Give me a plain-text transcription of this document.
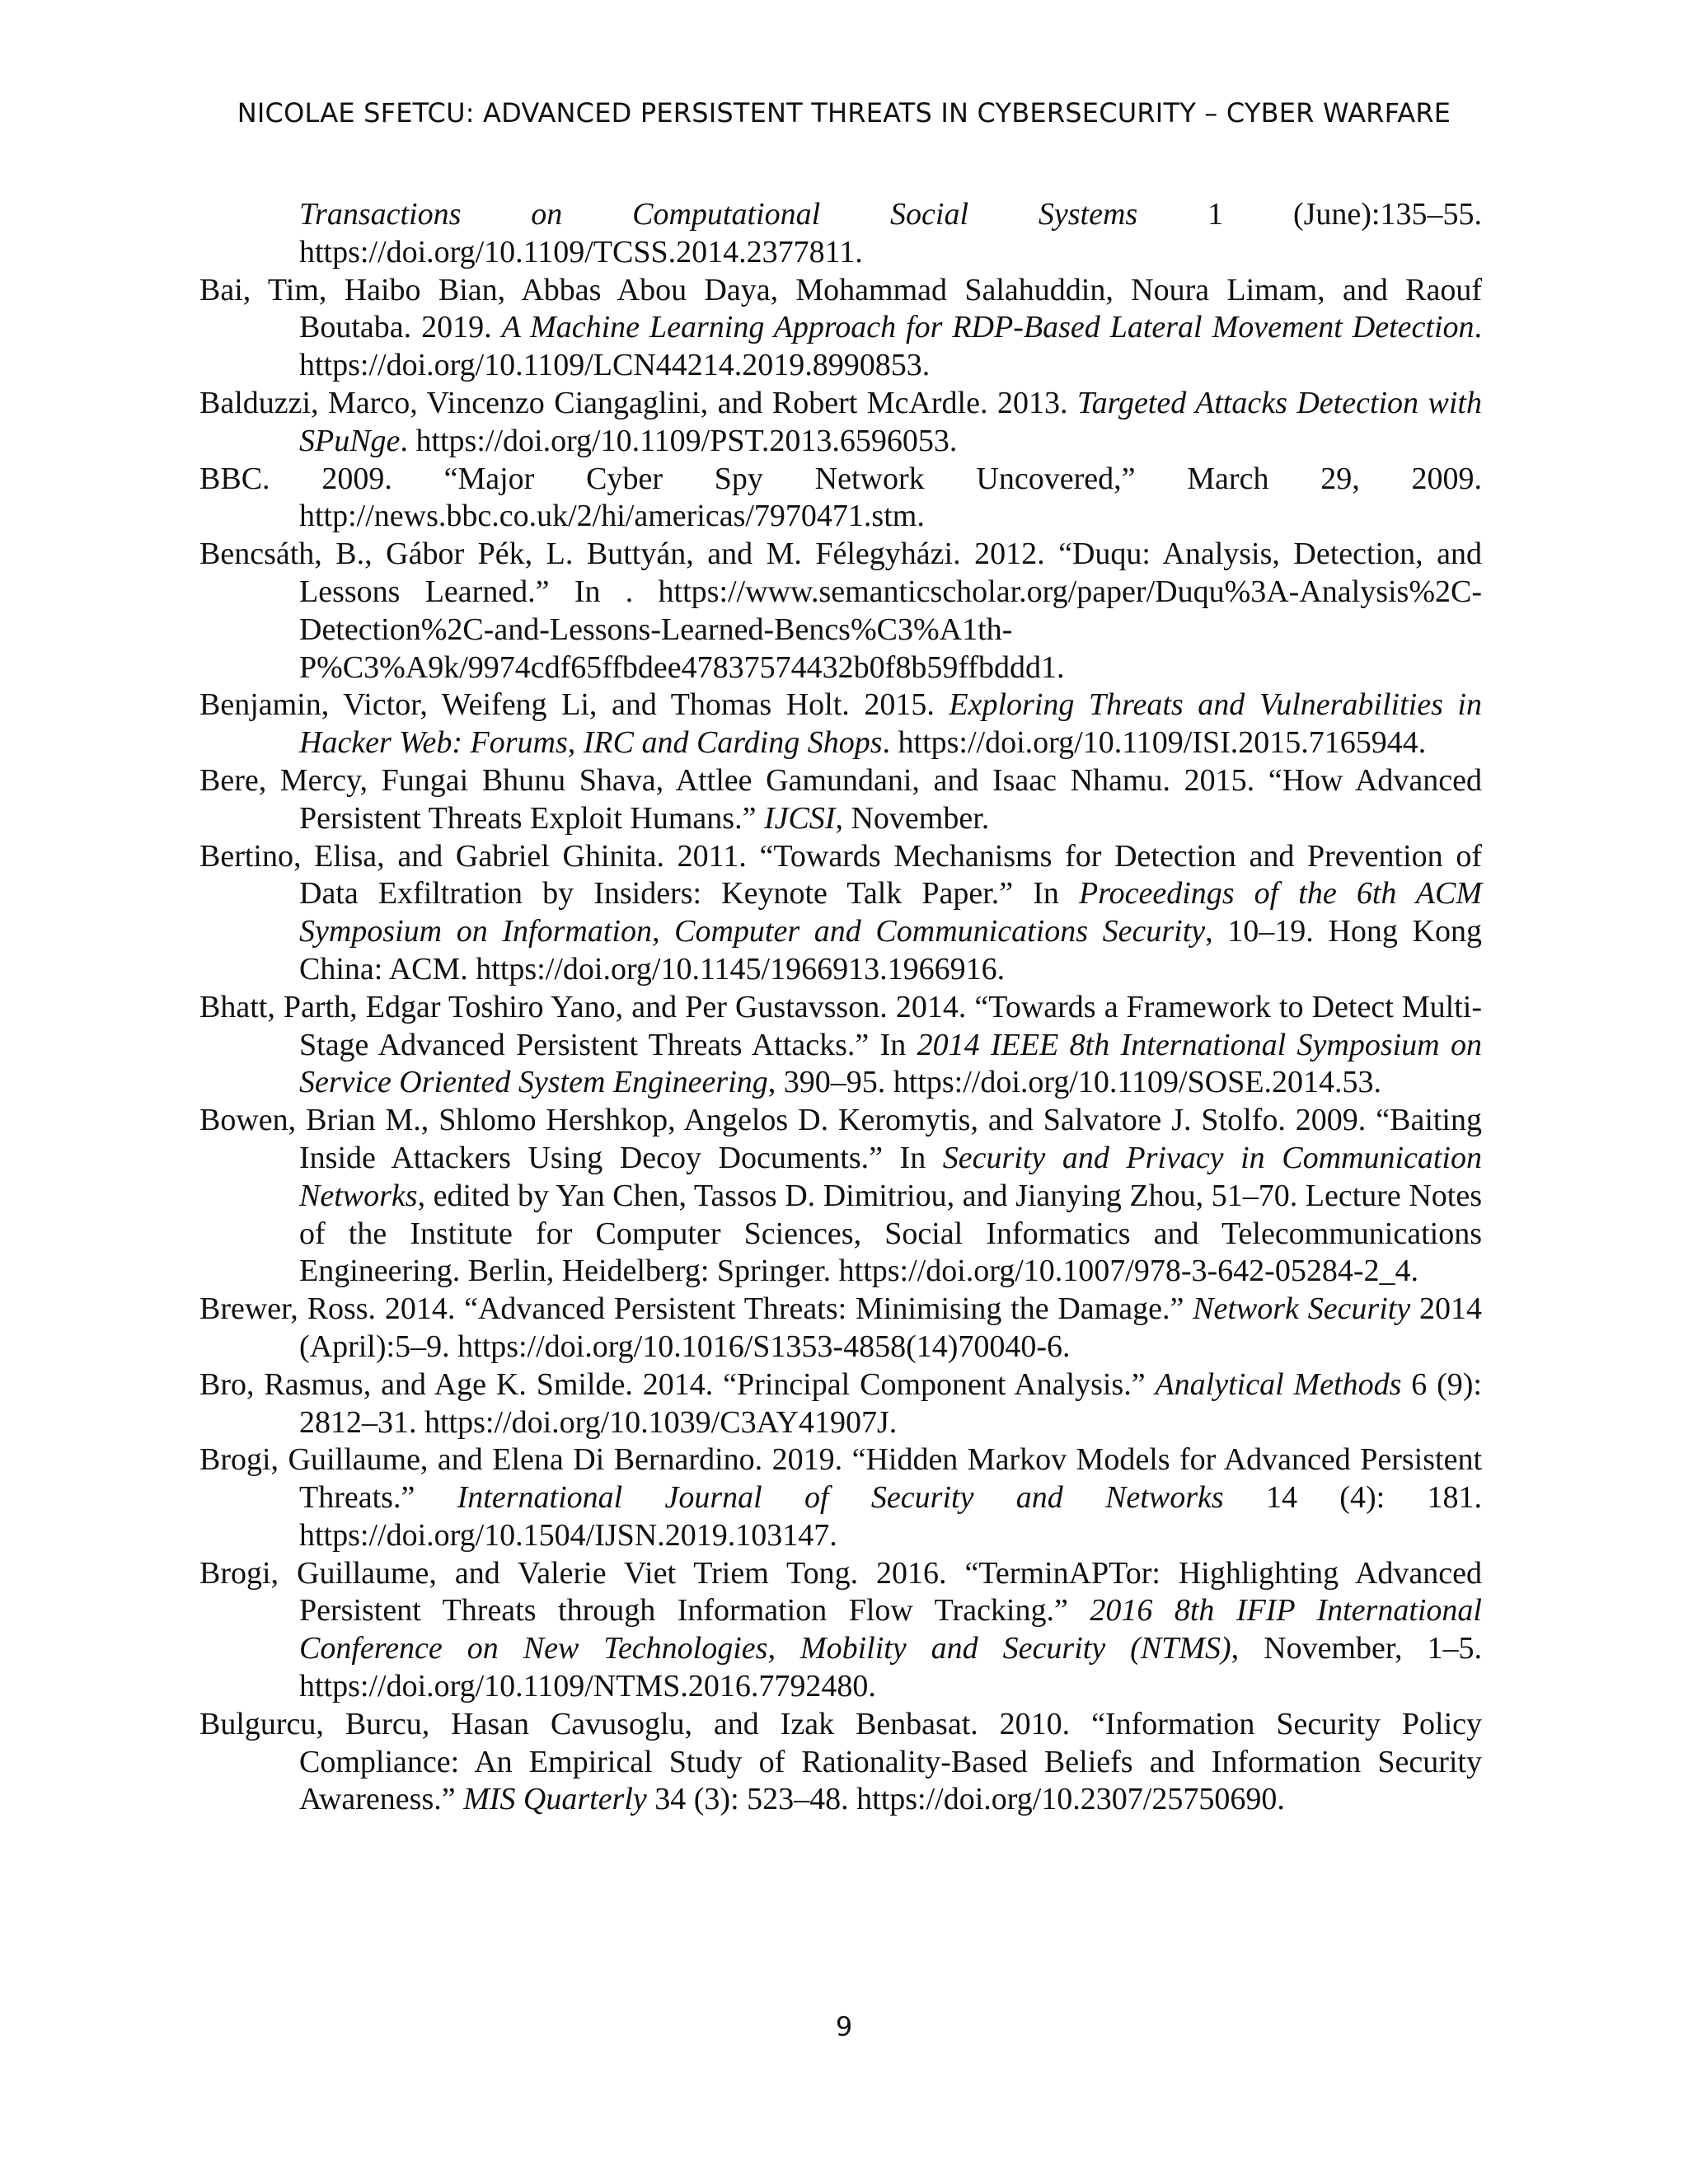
NICOLAE SFETCU: ADVANCED PERSISTENT THREATS IN CYBERSECURITY – CYBER WARFARE

Transactions on Computational Social Systems 1 (June):135–55. https://doi.org/10.1109/TCSS.2014.2377811.

Bai, Tim, Haibo Bian, Abbas Abou Daya, Mohammad Salahuddin, Noura Limam, and Raouf Boutaba. 2019. A Machine Learning Approach for RDP-Based Lateral Movement Detection. https://doi.org/10.1109/LCN44214.2019.8990853.

Balduzzi, Marco, Vincenzo Ciangaglini, and Robert McArdle. 2013. Targeted Attacks Detection with SPuNge. https://doi.org/10.1109/PST.2013.6596053.

BBC. 2009. “Major Cyber Spy Network Uncovered,” March 29, 2009. http://news.bbc.co.uk/2/hi/americas/7970471.stm.

Bencsáth, B., Gábor Pék, L. Buttyán, and M. Félegyházi. 2012. “Duqu: Analysis, Detection, and Lessons Learned.” In . https://www.semanticscholar.org/paper/Duqu%3A-Analysis%2C-Detection%2C-and-Lessons-Learned-Bencs%C3%A1th-P%C3%A9k/9974cdf65ffbdee47837574432b0f8b59ffbddd1.

Benjamin, Victor, Weifeng Li, and Thomas Holt. 2015. Exploring Threats and Vulnerabilities in Hacker Web: Forums, IRC and Carding Shops. https://doi.org/10.1109/ISI.2015.7165944.

Bere, Mercy, Fungai Bhunu Shava, Attlee Gamundani, and Isaac Nhamu. 2015. “How Advanced Persistent Threats Exploit Humans.” IJCSI, November.

Bertino, Elisa, and Gabriel Ghinita. 2011. “Towards Mechanisms for Detection and Prevention of Data Exfiltration by Insiders: Keynote Talk Paper.” In Proceedings of the 6th ACM Symposium on Information, Computer and Communications Security, 10–19. Hong Kong China: ACM. https://doi.org/10.1145/1966913.1966916.

Bhatt, Parth, Edgar Toshiro Yano, and Per Gustavsson. 2014. “Towards a Framework to Detect Multi-Stage Advanced Persistent Threats Attacks.” In 2014 IEEE 8th International Symposium on Service Oriented System Engineering, 390–95. https://doi.org/10.1109/SOSE.2014.53.

Bowen, Brian M., Shlomo Hershkop, Angelos D. Keromytis, and Salvatore J. Stolfo. 2009. “Baiting Inside Attackers Using Decoy Documents.” In Security and Privacy in Communication Networks, edited by Yan Chen, Tassos D. Dimitriou, and Jianying Zhou, 51–70. Lecture Notes of the Institute for Computer Sciences, Social Informatics and Telecommunications Engineering. Berlin, Heidelberg: Springer. https://doi.org/10.1007/978-3-642-05284-2_4.

Brewer, Ross. 2014. “Advanced Persistent Threats: Minimising the Damage.” Network Security 2014 (April):5–9. https://doi.org/10.1016/S1353-4858(14)70040-6.

Bro, Rasmus, and Age K. Smilde. 2014. “Principal Component Analysis.” Analytical Methods 6 (9): 2812–31. https://doi.org/10.1039/C3AY41907J.

Brogi, Guillaume, and Elena Di Bernardino. 2019. “Hidden Markov Models for Advanced Persistent Threats.” International Journal of Security and Networks 14 (4): 181. https://doi.org/10.1504/IJSN.2019.103147.

Brogi, Guillaume, and Valerie Viet Triem Tong. 2016. “TerminAPTor: Highlighting Advanced Persistent Threats through Information Flow Tracking.” 2016 8th IFIP International Conference on New Technologies, Mobility and Security (NTMS), November, 1–5. https://doi.org/10.1109/NTMS.2016.7792480.

Bulgurcu, Burcu, Hasan Cavusoglu, and Izak Benbasat. 2010. “Information Security Policy Compliance: An Empirical Study of Rationality-Based Beliefs and Information Security Awareness.” MIS Quarterly 34 (3): 523–48. https://doi.org/10.2307/25750690.

9
